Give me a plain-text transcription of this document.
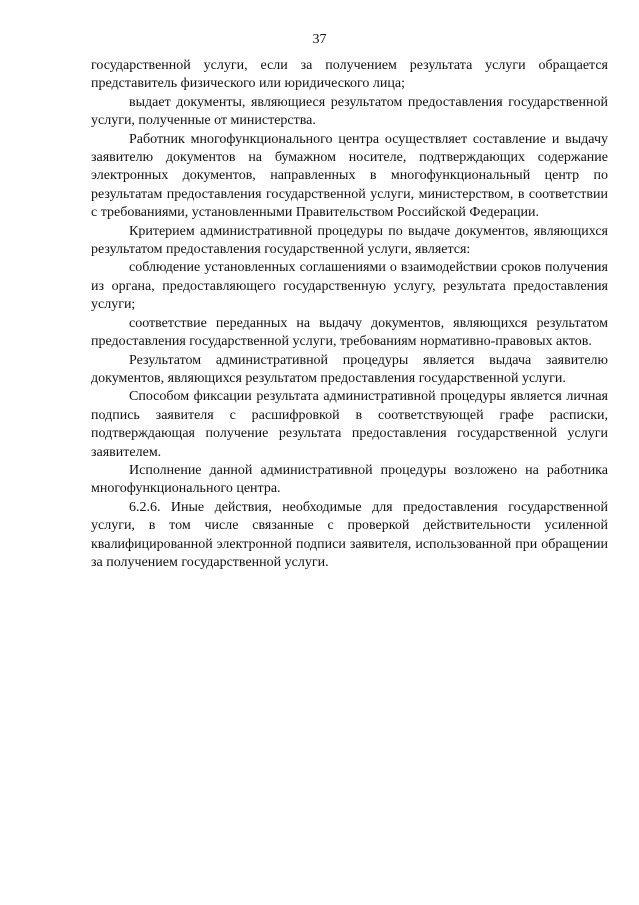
37

государственной услуги, если за получением результата услуги обращается представитель физического или юридического лица;

выдает документы, являющиеся результатом предоставления государственной услуги, полученные от министерства.

Работник многофункционального центра осуществляет составление и выдачу заявителю документов на бумажном носителе, подтверждающих содержание электронных документов, направленных в многофункциональный центр по результатам предоставления государственной услуги, министерством, в соответствии с требованиями, установленными Правительством Российской Федерации.

Критерием административной процедуры по выдаче документов, являющихся результатом предоставления государственной услуги, является:

соблюдение установленных соглашениями о взаимодействии сроков получения из органа, предоставляющего государственную услугу, результата предоставления услуги;

соответствие переданных на выдачу документов, являющихся результатом предоставления государственной услуги, требованиям нормативно-правовых актов.

Результатом административной процедуры является выдача заявителю документов, являющихся результатом предоставления государственной услуги.

Способом фиксации результата административной процедуры является личная подпись заявителя с расшифровкой в соответствующей графе расписки, подтверждающая получение результата предоставления государственной услуги заявителем.

Исполнение данной административной процедуры возложено на работника многофункционального центра.

6.2.6. Иные действия, необходимые для предоставления государственной услуги, в том числе связанные с проверкой действительности усиленной квалифицированной электронной подписи заявителя, использованной при обращении за получением государственной услуги.
